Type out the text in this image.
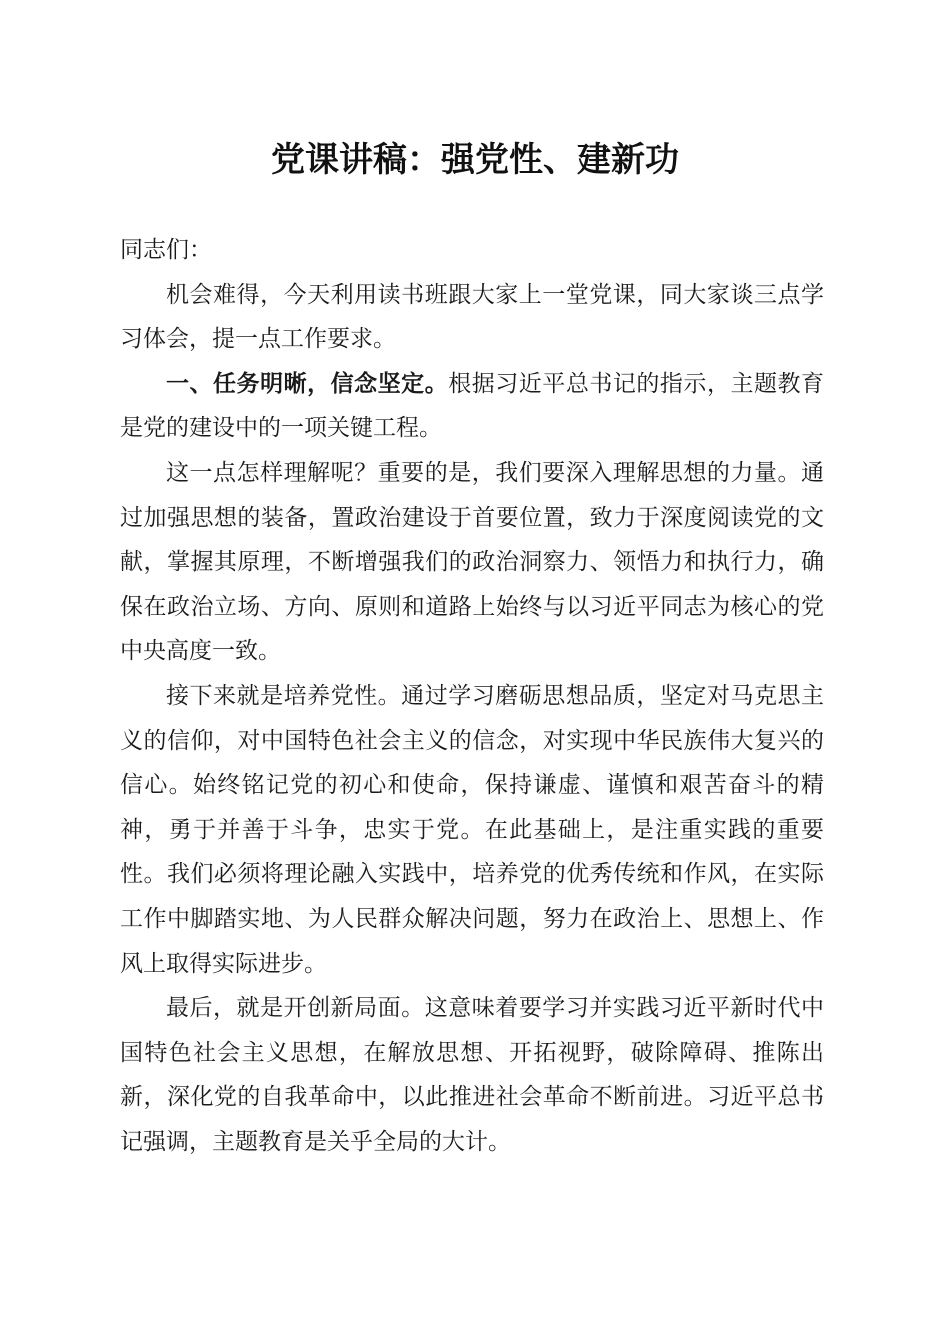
党课讲稿：强党性、建新功

同志们：

机会难得，今天利用读书班跟大家上一堂党课，同大家谈三点学习体会，提一点工作要求。

一、任务明晰，信念坚定。根据习近平总书记的指示，主题教育是党的建设中的一项关键工程。

这一点怎样理解呢？重要的是，我们要深入理解思想的力量。通过加强思想的装备，置政治建设于首要位置，致力于深度阅读党的文献，掌握其原理，不断增强我们的政治洞察力、领悟力和执行力，确保在政治立场、方向、原则和道路上始终与以习近平同志为核心的党中央高度一致。

接下来就是培养党性。通过学习磨砺思想品质，坚定对马克思主义的信仰，对中国特色社会主义的信念，对实现中华民族伟大复兴的信心。始终铭记党的初心和使命，保持谦虚、谨慎和艰苦奋斗的精神，勇于并善于斗争，忠实于党。在此基础上，是注重实践的重要性。我们必须将理论融入实践中，培养党的优秀传统和作风，在实际工作中脚踏实地、为人民群众解决问题，努力在政治上、思想上、作风上取得实际进步。

最后，就是开创新局面。这意味着要学习并实践习近平新时代中国特色社会主义思想，在解放思想、开拓视野，破除障碍、推陈出新，深化党的自我革命中，以此推进社会革命不断前进。习近平总书记强调，主题教育是关乎全局的大计。
